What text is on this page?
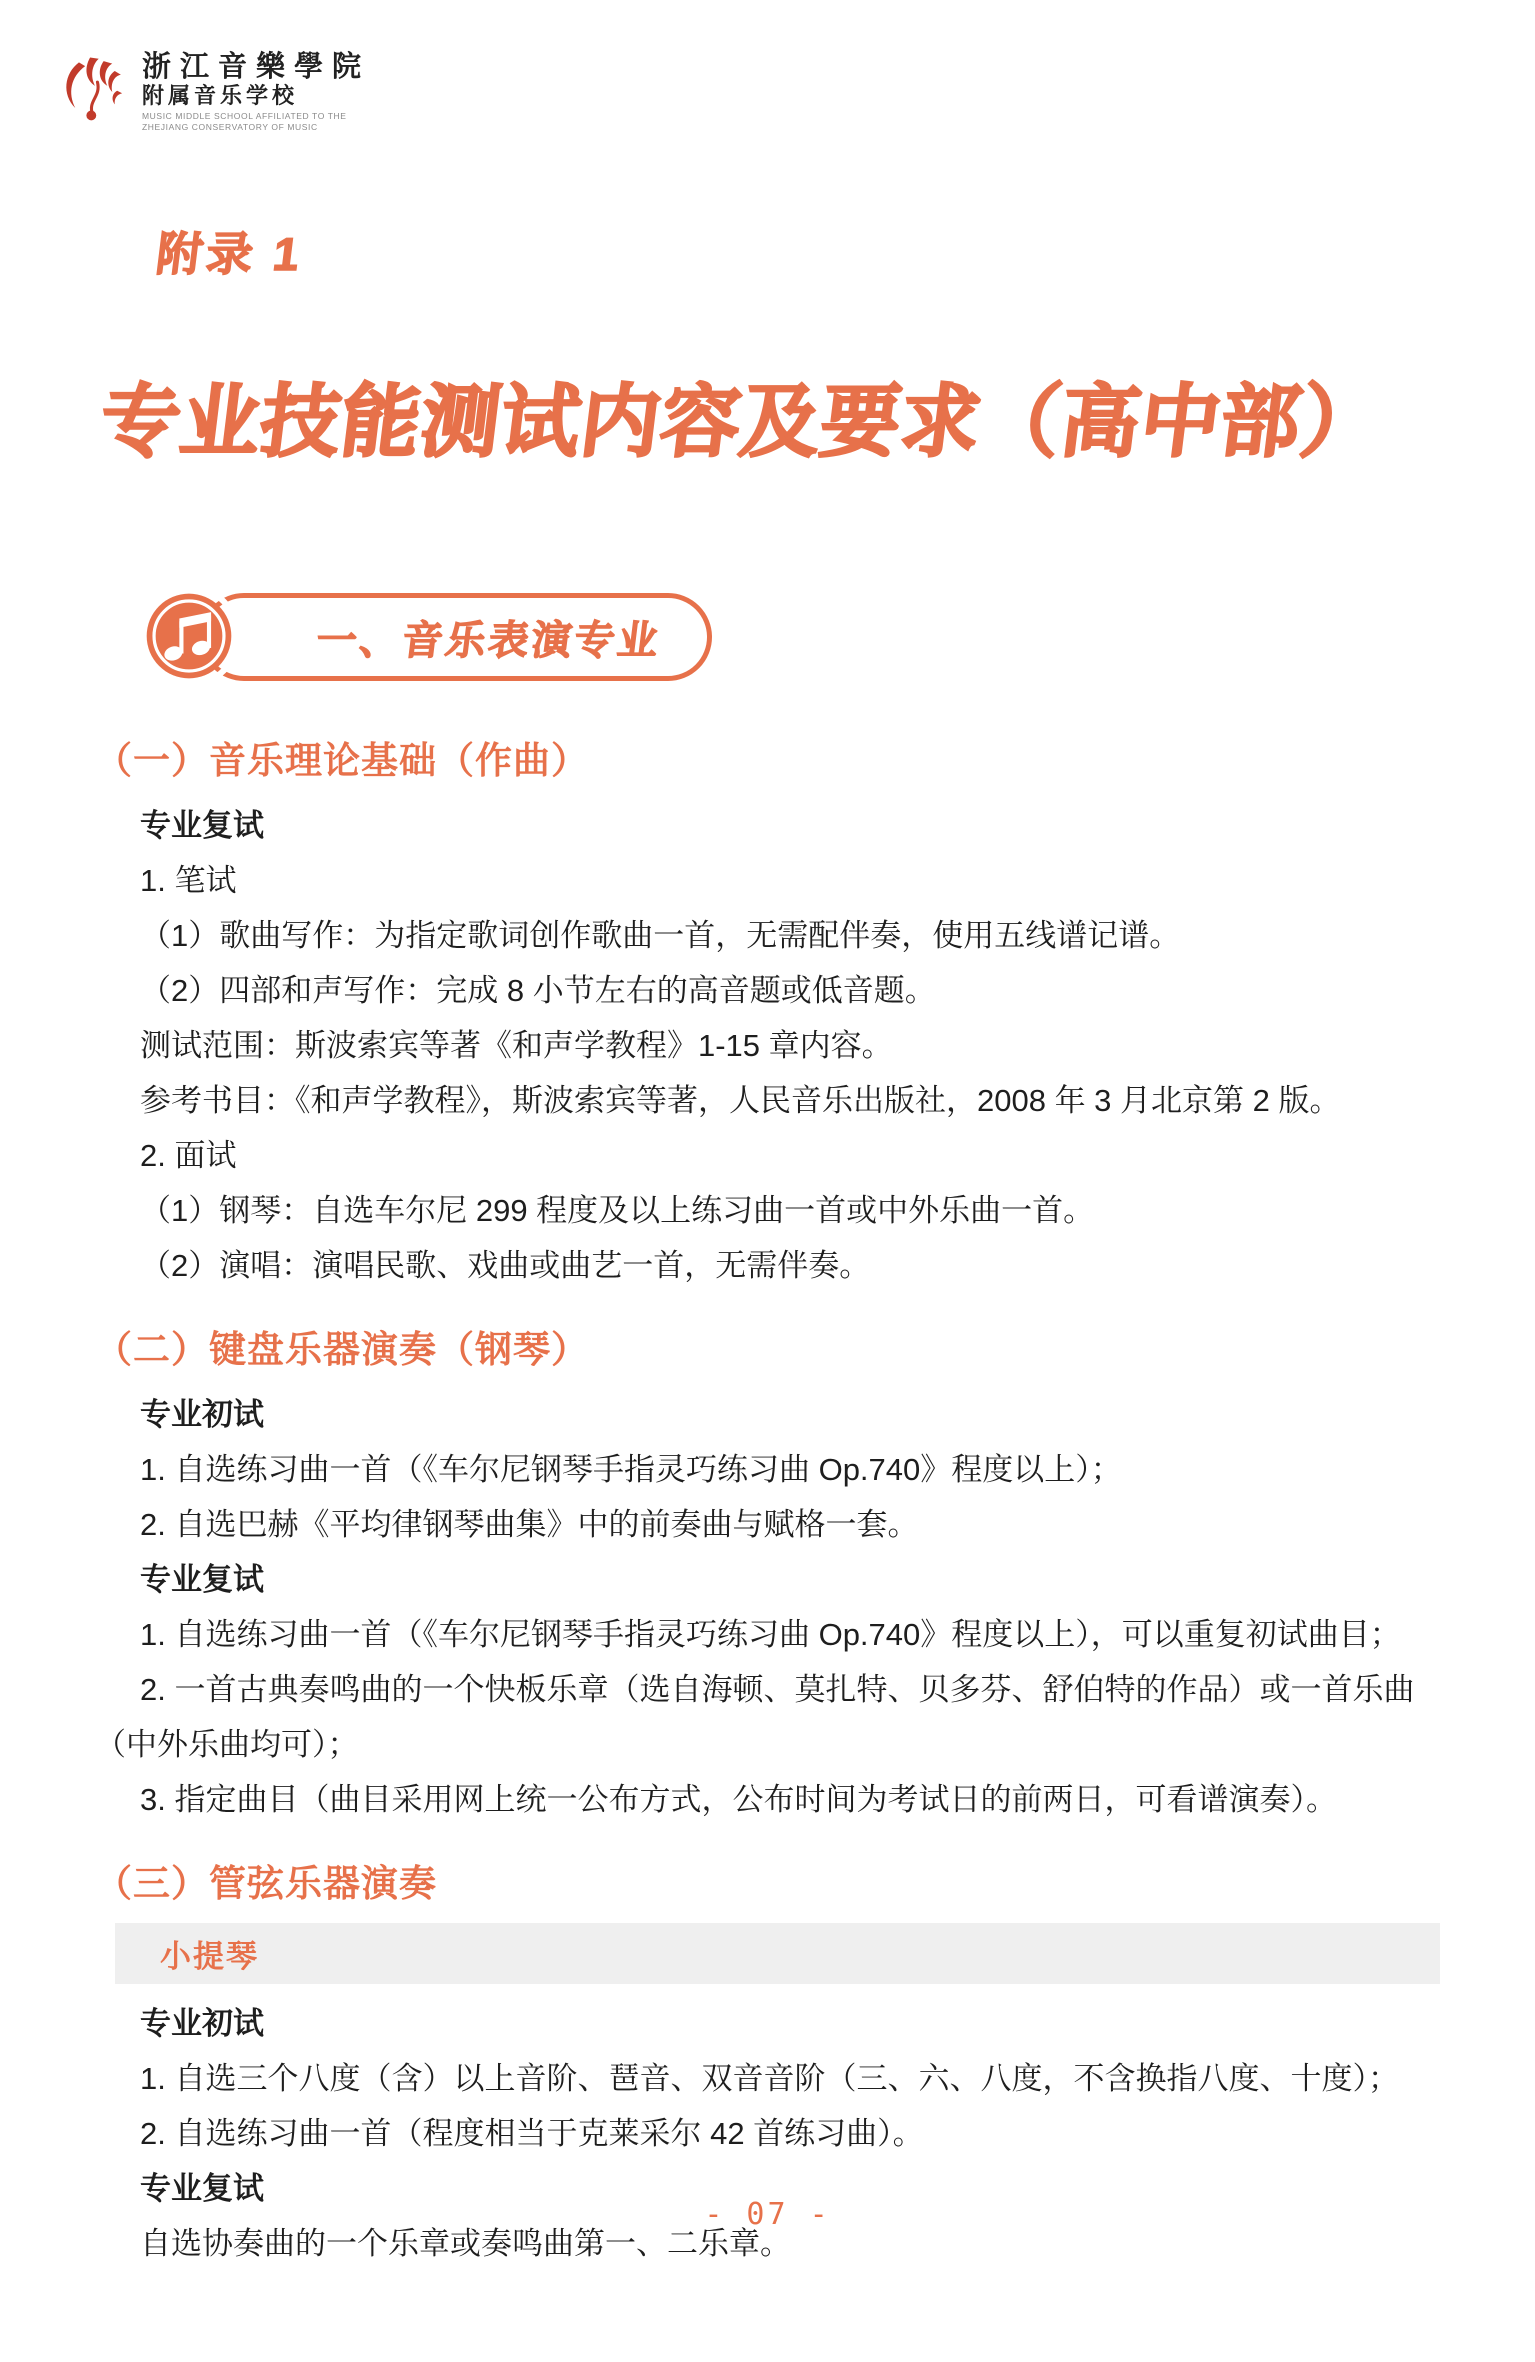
浙江音樂學院
附属音乐学校
MUSIC MIDDLE SCHOOL AFFILIATED TO THE
ZHEJIANG CONSERVATORY OF MUSIC
附录 1
专业技能测试内容及要求（高中部）
一、音乐表演专业
（一）音乐理论基础（作曲）

专业复试

1. 笔试

（1）歌曲写作：为指定歌词创作歌曲一首，无需配伴奏，使用五线谱记谱。

（2）四部和声写作：完成 8 小节左右的高音题或低音题。

测试范围：斯波索宾等著《和声学教程》1-15 章内容。

参考书目：《和声学教程》，斯波索宾等著，人民音乐出版社，2008 年 3 月北京第 2 版。

2. 面试

（1）钢琴：自选车尔尼 299 程度及以上练习曲一首或中外乐曲一首。

（2）演唱：演唱民歌、戏曲或曲艺一首，无需伴奏。

（二）键盘乐器演奏（钢琴）

专业初试

1. 自选练习曲一首（《车尔尼钢琴手指灵巧练习曲 Op.740》程度以上）；

2. 自选巴赫《平均律钢琴曲集》中的前奏曲与赋格一套。

专业复试

1. 自选练习曲一首（《车尔尼钢琴手指灵巧练习曲 Op.740》程度以上），可以重复初试曲目；

2. 一首古典奏鸣曲的一个快板乐章（选自海顿、莫扎特、贝多芬、舒伯特的作品）或一首乐曲（中外乐曲均可）；

3. 指定曲目（曲目采用网上统一公布方式，公布时间为考试日的前两日，可看谱演奏）。

（三）管弦乐器演奏
小提琴

专业初试

1. 自选三个八度（含）以上音阶、琶音、双音音阶（三、六、八度，不含换指八度、十度）；

2. 自选练习曲一首（程度相当于克莱采尔 42 首练习曲）。

专业复试

自选协奏曲的一个乐章或奏鸣曲第一、二乐章。

- 07 -
